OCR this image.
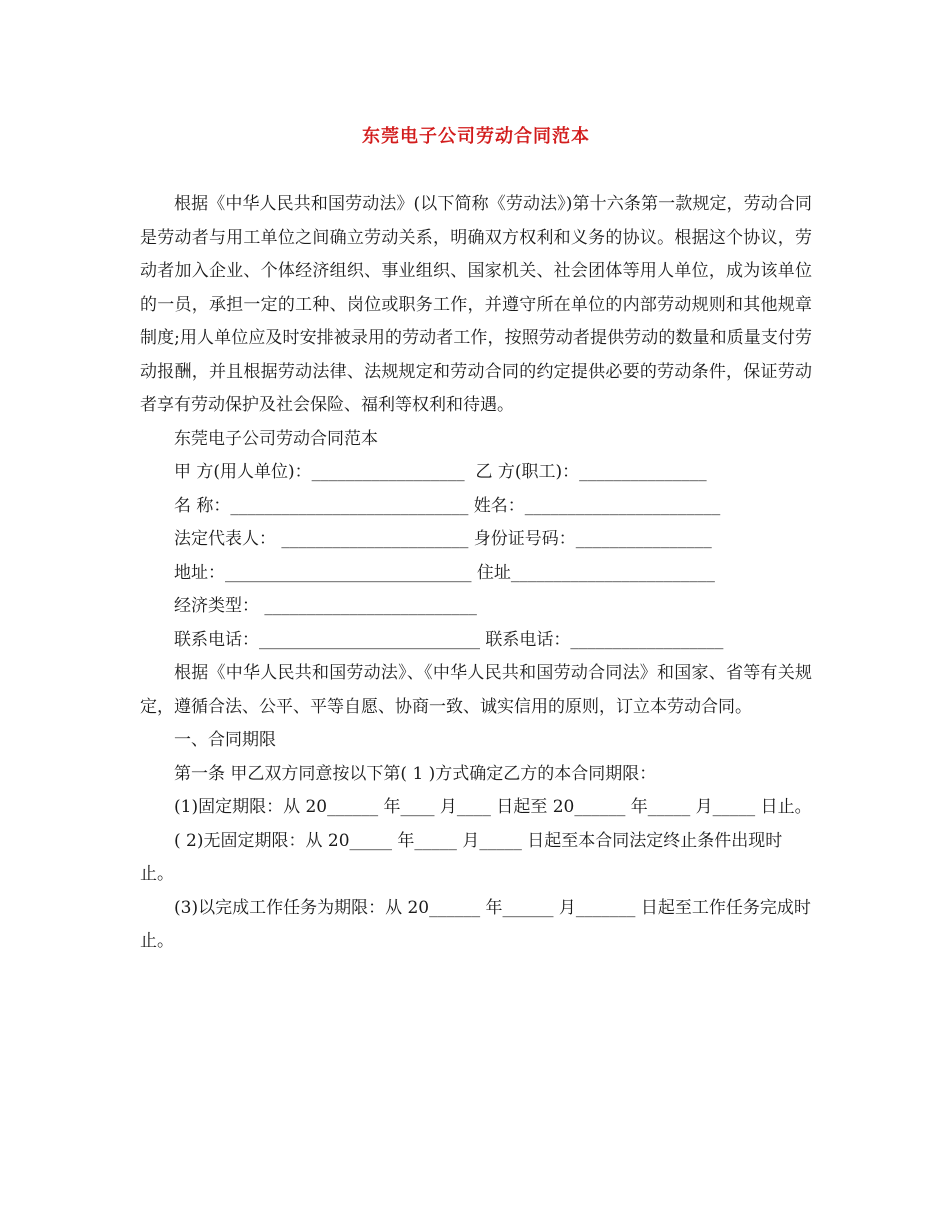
东莞电子公司劳动合同范本

根据《中华人民共和国劳动法》(以下简称《劳动法》)第十六条第一款规定，劳动合同是劳动者与用工单位之间确立劳动关系，明确双方权利和义务的协议。根据这个协议，劳动者加入企业、个体经济组织、事业组织、国家机关、社会团体等用人单位，成为该单位的一员，承担一定的工种、岗位或职务工作，并遵守所在单位的内部劳动规则和其他规章制度;用人单位应及时安排被录用的劳动者工作，按照劳动者提供劳动的数量和质量支付劳动报酬，并且根据劳动法律、法规规定和劳动合同的约定提供必要的劳动条件，保证劳动者享有劳动保护及社会保险、福利等权利和待遇。

东莞电子公司劳动合同范本

甲 方(用人单位)：__________________  乙 方(职工)：_______________

名 称：____________________________ 姓名：_______________________

法定代表人： ______________________ 身份证号码：________________

地址：_____________________________ 住址________________________

经济类型： _________________________

联系电话：__________________________ 联系电话：__________________

根据《中华人民共和国劳动法》、《中华人民共和国劳动合同法》和国家、省等有关规定，遵循合法、公平、平等自愿、协商一致、诚实信用的原则，订立本劳动合同。

一、合同期限

第一条 甲乙双方同意按以下第( 1 )方式确定乙方的本合同期限：

(1)固定期限：从 20______ 年____ 月____ 日起至 20______ 年_____ 月_____ 日止。

( 2)无固定期限：从 20_____ 年_____ 月_____ 日起至本合同法定终止条件出现时止。

(3)以完成工作任务为期限：从 20______ 年______ 月_______ 日起至工作任务完成时止。
